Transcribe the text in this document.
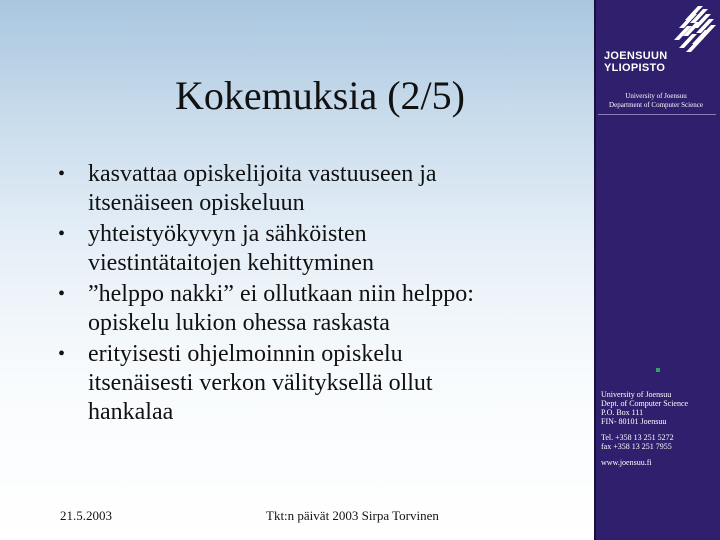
Kokemuksia (2/5)
• kasvattaa opiskelijoita vastuuseen ja
itsenäiseen opiskeluun
• yhteistyökyvyn ja sähköisten
viestintätaitojen kehittyminen
• ”helppo nakki” ei ollutkaan niin helppo:
opiskelu lukion ohessa raskasta
• erityisesti ohjelmoinnin opiskelu
itsenäisesti verkon välityksellä ollut
hankalaa
21.5.2003	Tkt:n päivät 2003 Sirpa Torvinen
JOENSUUN
YLIOPISTO
University of Joensuu
Department of Computer Science
University of Joensuu
Dept. of Computer Science
P.O. Box 111
FIN- 80101 Joensuu
Tel. +358 13 251 5272
fax +358 13 251 7955
www.joensuu.fi
